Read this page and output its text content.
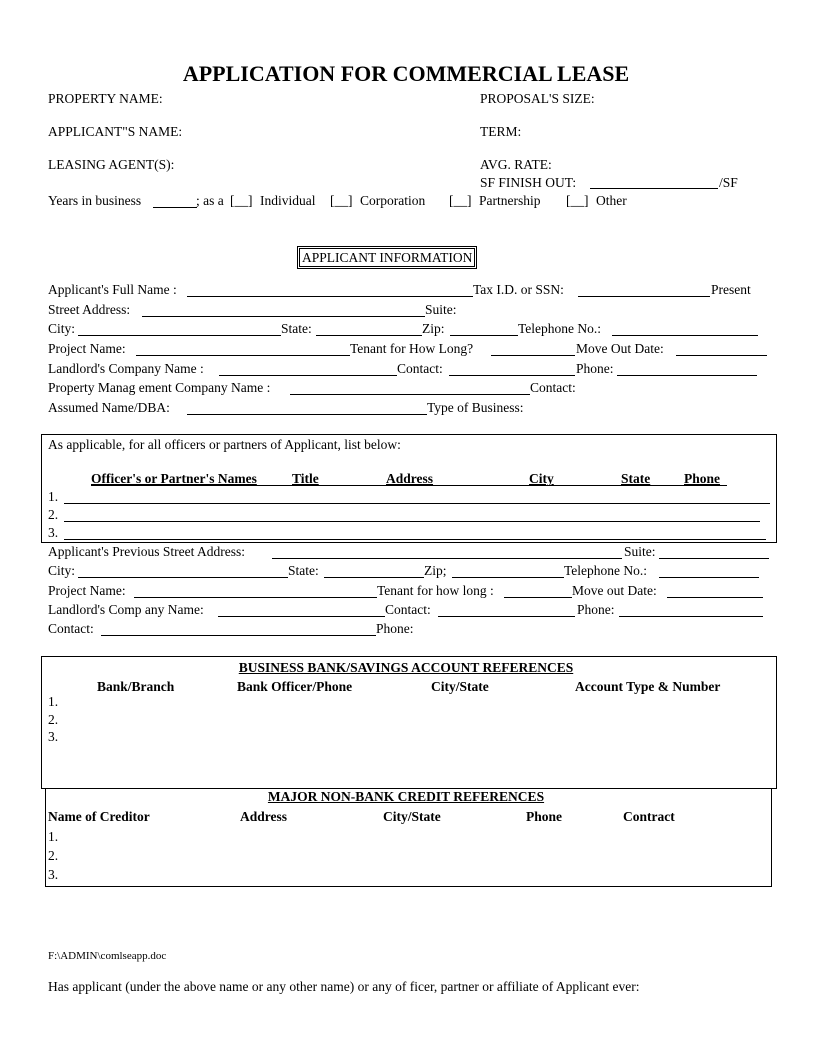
APPLICATION FOR COMMERCIAL LEASE
PROPERTY NAME:
APPLICANT"S NAME:
LEASING AGENT(S):
PROPOSAL'S SIZE:
TERM:
AVG. RATE:
SF FINISH OUT:	/SF
Years in business	; as a [__] Individual [__] Corporation [__] Partnership [__] Other
APPLICANT INFORMATION
Applicant's Full Name :	Tax I.D. or SSN:	Present
Street Address:	Suite:
City:	State:	Zip:	Telephone No.:
Project Name:	Tenant for How Long?	Move Out Date:
Landlord's Company Name :	Contact:	Phone:
Property Manag ement Company Name :	Contact:
Assumed Name/DBA:	Type of Business:
As applicable, for all officers or partners of Applicant, list below:
Officer's or Partner's Names	Title	Address	City	State	Phone
1.
2.
3.
Applicant's Previous Street Address:	Suite:
City:	State:	Zip;	Telephone No.:
Project Name:	Tenant for how long :	Move out Date:
Landlord's Comp any Name:	Contact:	Phone:
Contact:	Phone:
BUSINESS BANK/SAVINGS ACCOUNT REFERENCES
Bank/Branch	Bank Officer/Phone	City/State	Account Type & Number
1.
2.
3.
MAJOR NON-BANK CREDIT REFERENCES
Name of Creditor	Address	City/State	Phone	Contract
1.
2.
3.
F:\ADMIN\comlseapp.doc
Has applicant (under the above name or any other name) or any of ficer, partner or affiliate of Applicant ever:
